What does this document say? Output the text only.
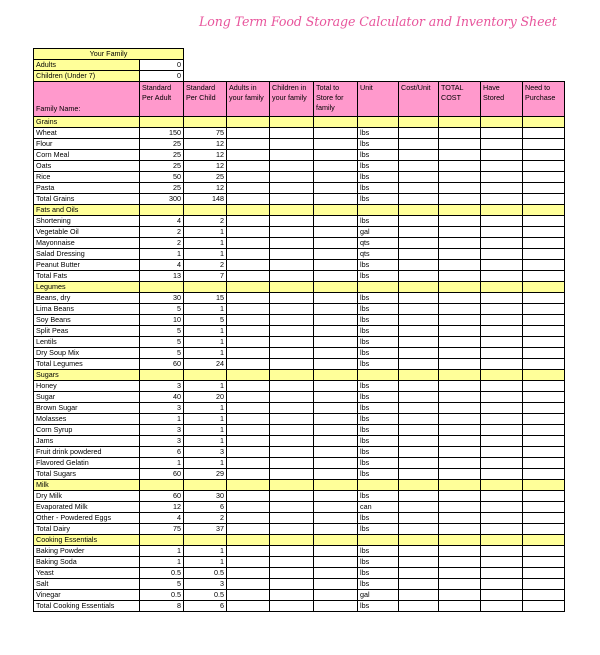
Your Family										
Adults	0									
Children (Under 7)	0									
Family Name:	Standard Per Adult	Standard Per Child	Adults in your family	Children in your family	Total to Store for family	Unit	Cost/Unit	TOTAL COST	Have Stored	Need to Purchase
Grains										
Wheat	150	75				lbs				
Flour	25	12				lbs				
Corn Meal	25	12				lbs				
Oats	25	12				lbs				
Rice	50	25				lbs				
Pasta	25	12				lbs				
Total Grains	300	148				lbs				
Fats and Oils										
Shortening	4	2				lbs				
Vegetable Oil	2	1				gal				
Mayonnaise	2	1				qts				
Salad Dressing	1	1				qts				
Peanut Butter	4	2				lbs				
Total Fats	13	7				lbs				
Legumes										
Beans, dry	30	15				lbs				
Lima Beans	5	1				lbs				
Soy Beans	10	5				lbs				
Split Peas	5	1				lbs				
Lentils	5	1				lbs				
Dry Soup Mix	5	1				lbs				
Total Legumes	60	24				lbs				
Sugars										
Honey	3	1				lbs				
Sugar	40	20				lbs				
Brown Sugar	3	1				lbs				
Molasses	1	1				lbs				
Corn Syrup	3	1				lbs				
Jams	3	1				lbs				
Fruit drink powdered	6	3				lbs				
Flavored Gelatin	1	1				lbs				
Total Sugars	60	29				lbs				
Milk										
Dry Milk	60	30				lbs				
Evaporated Milk	12	6				can				
Other - Powdered Eggs	4	2				lbs				
Total Dairy	75	37				lbs				
Cooking Essentials										
Baking Powder	1	1				lbs				
Baking Soda	1	1				lbs				
Yeast	0.5	0.5				lbs				
Salt	5	3				lbs				
Vinegar	0.5	0.5				gal				
Total Cooking Essentials	8	6				lbs				
Long Term Food Storage Calculator and Inventory Sheet
